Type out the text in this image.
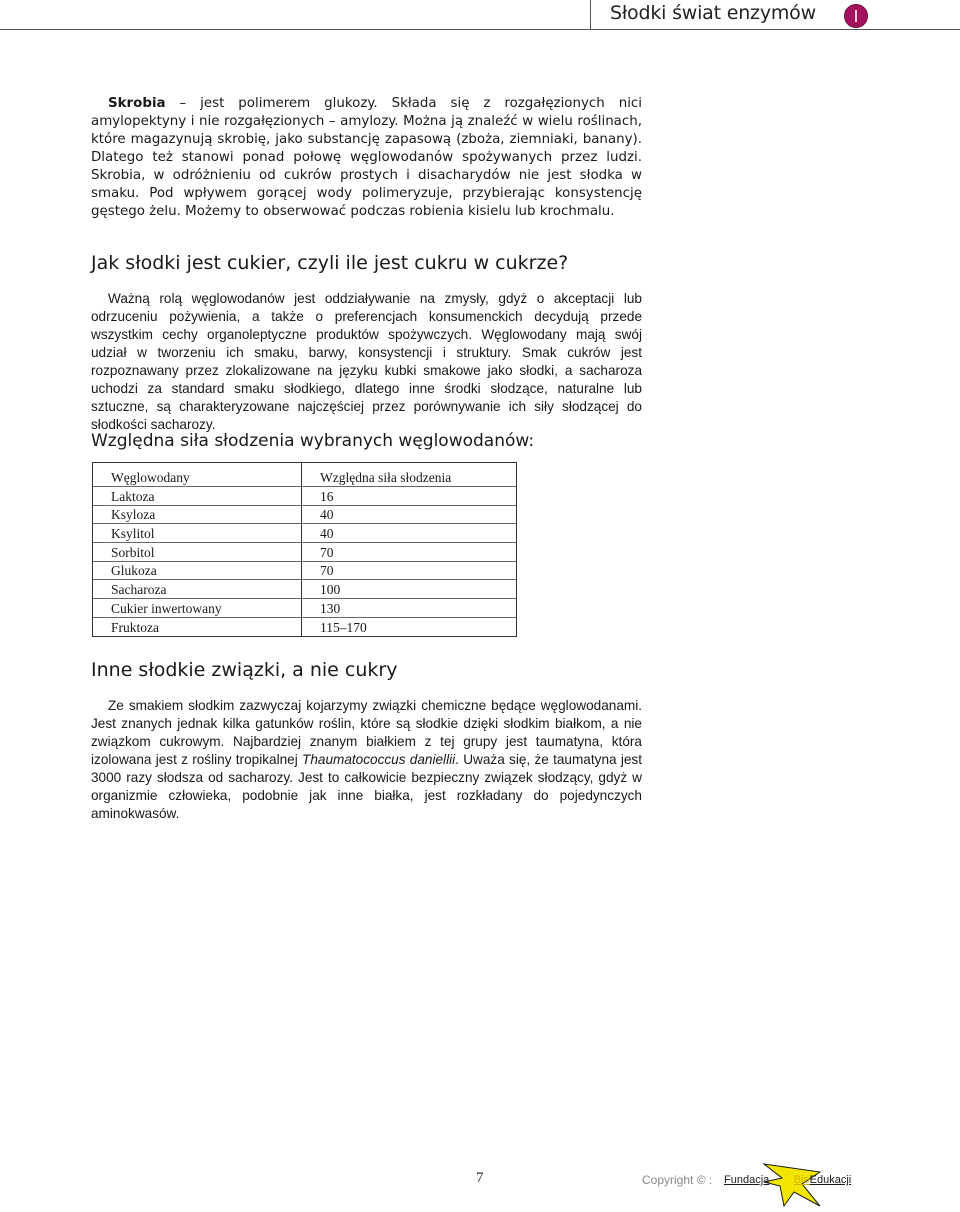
Słodki świat enzymów

Skrobia – jest polimerem glukozy. Składa się z rozgałęzionych nici amylopektyny i nie rozgałęzionych – amylozy. Można ją znaleźć w wielu roślinach, które magazynują skrobię, jako substancję zapasową (zboża, ziemniaki, banany). Dlatego też stanowi ponad połowę węglowodanów spożywanych przez ludzi. Skrobia, w odróżnieniu od cukrów prostych i disacharydów nie jest słodka w smaku. Pod wpływem gorącej wody polimeryzuje, przybierając konsystencję gęstego żelu. Możemy to obserwować podczas robienia kisielu lub krochmalu.

Jak słodki jest cukier, czyli ile jest cukru w cukrze?

Ważną rolą węglowodanów jest oddziaływanie na zmysły, gdyż o akceptacji lub odrzuceniu pożywienia, a także o preferencjach konsumenckich decydują przede wszystkim cechy organoleptyczne produktów spożywczych. Węglowodany mają swój udział w tworzeniu ich smaku, barwy, konsystencji i struktury. Smak cukrów jest rozpoznawany przez zlokalizowane na języku kubki smakowe jako słodki, a sacharoza uchodzi za standard smaku słodkiego, dlatego inne środki słodzące, naturalne lub sztuczne, są charakteryzowane najczęściej przez porównywanie ich siły słodzącej do słodkości sacharozy.

Względna siła słodzenia wybranych węglowodanów:
Węglowodany	Względna siła słodzenia
Laktoza	16
Ksyloza	40
Ksylitol	40
Sorbitol	70
Glukoza	70
Sacharoza	100
Cukier inwertowany	130
Fruktoza	115–170
Inne słodkie związki, a nie cukry

Ze smakiem słodkim zazwyczaj kojarzymy związki chemiczne będące węglowodanami. Jest znanych jednak kilka gatunków roślin, które są słodkie dzięki słodkim białkom, a nie związkom cukrowym. Najbardziej znanym białkiem z tej grupy jest taumatyna, która izolowana jest z rośliny tropikalnej Thaumatococcus daniellii. Uważa się, że taumatyna jest 3000 razy słodsza od sacharozy. Jest to całkowicie bezpieczny związek słodzący, gdyż w organizmie człowieka, podobnie jak inne białka, jest rozkładany do pojedynczych aminokwasów.

7	Copyright © : Fundacja BioEdukacji
